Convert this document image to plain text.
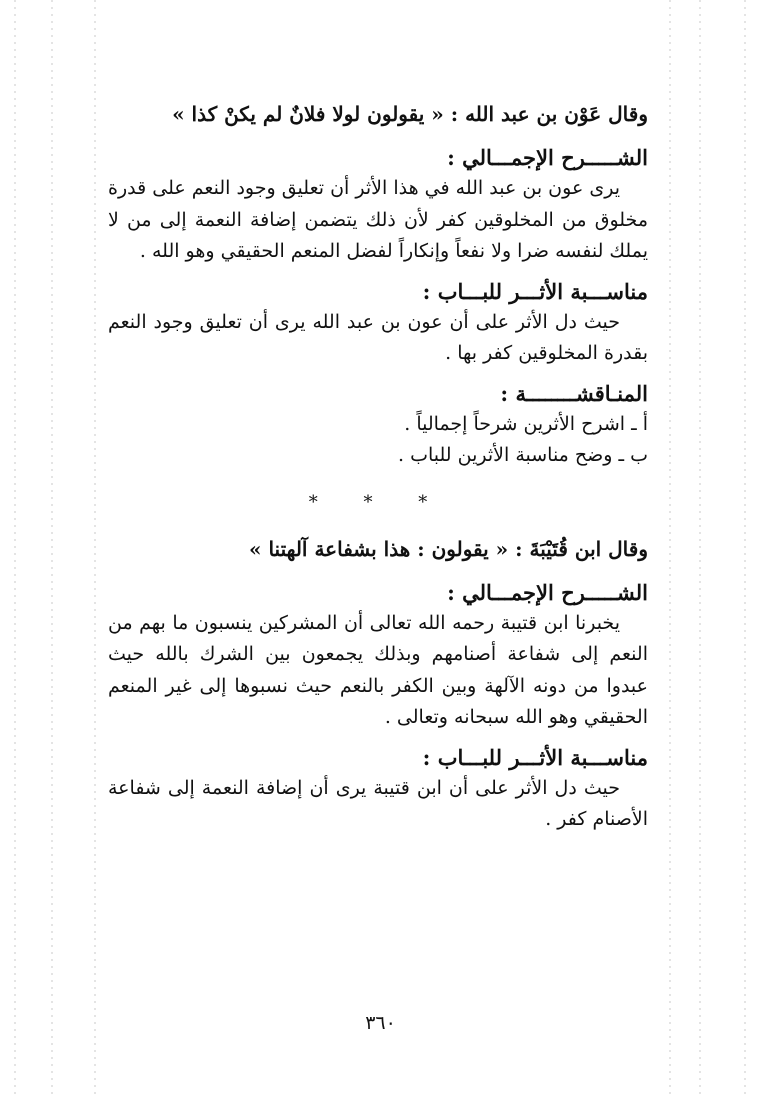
وقال عَوْن بن عبد الله : « يقولون لولا فلانٌ لم يكنْ كذا »
الشـــــرح الإجمـــالي :
يرى عون بن عبد الله في هذا الأثر أن تعليق وجود النعم على قدرة مخلوق من المخلوقين كفر لأن ذلك يتضمن إضافة النعمة إلى من لا يملك لنفسه ضرا ولا نفعاً وإنكاراً لفضل المنعم الحقيقي وهو الله .
مناســـبة الأثـــر للبـــاب :
حيث دل الأثر على أن عون بن عبد الله يرى أن تعليق وجود النعم بقدرة المخلوقين كفر بها .
المنـاقشــــــــة :
أ ـ اشرح الأثرين شرحاً إجمالياً .
ب ـ وضح مناسبة الأثرين للباب .
* * *
وقال ابن قُتَيْبَةَ : « يقولون : هذا بشفاعة آلهتنا »
الشـــــرح الإجمـــالي :
يخبرنا ابن قتيبة رحمه الله تعالى أن المشركين ينسبون ما بهم من النعم إلى شفاعة أصنامهم وبذلك يجمعون بين الشرك بالله حيث عبدوا من دونه الآلهة وبين الكفر بالنعم حيث نسبوها إلى غير المنعم الحقيقي وهو الله سبحانه وتعالى .
مناســـبة الأثـــر للبـــاب :
حيث دل الأثر على أن ابن قتيبة يرى أن إضافة النعمة إلى شفاعة الأصنام كفر .
٣٦٠
